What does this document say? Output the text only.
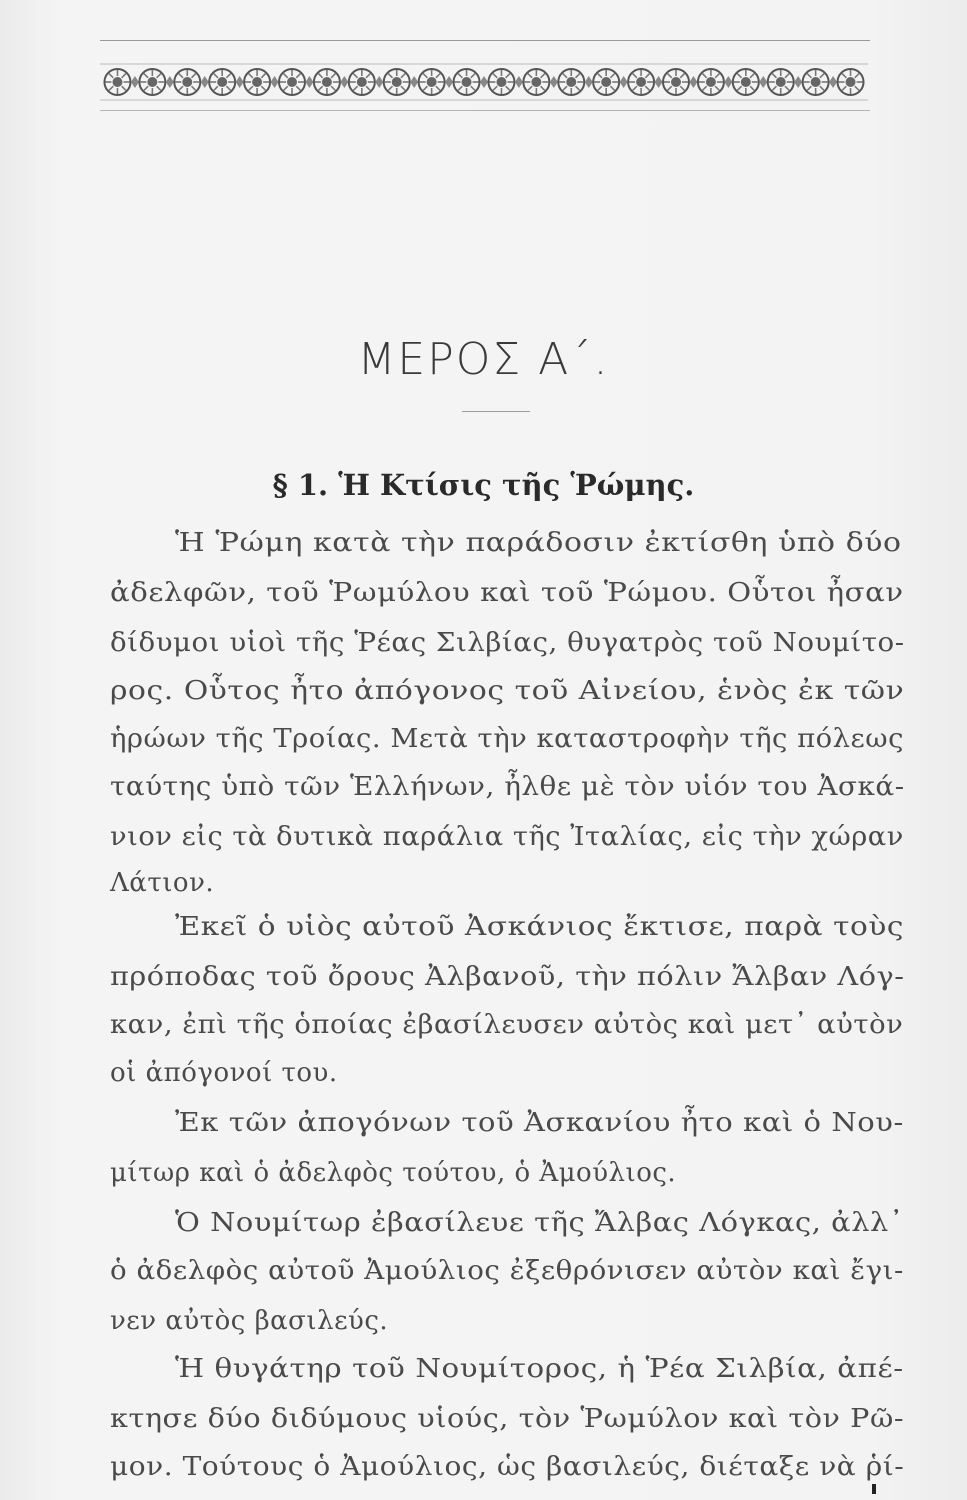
ΜΕΡΟΣ Α΄.
§ 1. Ἡ Κτίσις τῆς Ῥώμης.
Ἡ Ῥώμη κατὰ τὴν παράδοσιν ἐκτίσθη ὑπὸ δύο
ἀδελφῶν, τοῦ Ῥωμύλου καὶ τοῦ Ῥώμου. Οὗτοι ἦσαν
δίδυμοι υἱοὶ τῆς Ῥέας Σιλβίας, θυγατρὸς τοῦ Νουμίτο-
ρος. Οὗτος ἦτο ἀπόγονος τοῦ Αἰνείου, ἑνὸς ἐκ τῶν
ἡρώων τῆς Τροίας. Μετὰ τὴν καταστροφὴν τῆς πόλεως
ταύτης ὑπὸ τῶν Ἑλλήνων, ἦλθε μὲ τὸν υἱόν του Ἀσκά-
νιον εἰς τὰ δυτικὰ παράλια τῆς Ἰταλίας, εἰς τὴν χώραν
Λάτιον.
Ἐκεῖ ὁ υἱὸς αὐτοῦ Ἀσκάνιος ἔκτισε, παρὰ τοὺς
πρόποδας τοῦ ὄρους Ἀλβανοῦ, τὴν πόλιν Ἄλβαν Λόγ-
καν, ἐπὶ τῆς ὁποίας ἐβασίλευσεν αὐτὸς καὶ μετ᾽ αὐτὸν
οἱ ἀπόγονοί του.
Ἐκ τῶν ἀπογόνων τοῦ Ἀσκανίου ἦτο καὶ ὁ Νου-
μίτωρ καὶ ὁ ἀδελφὸς τούτου, ὁ Ἀμούλιος.
Ὁ Νουμίτωρ ἐβασίλευε τῆς Ἄλβας Λόγκας, ἀλλ᾽
ὁ ἀδελφὸς αὐτοῦ Ἀμούλιος ἐξεθρόνισεν αὐτὸν καὶ ἔγι-
νεν αὐτὸς βασιλεύς.
Ἡ θυγάτηρ τοῦ Νουμίτορος, ἡ Ῥέα Σιλβία, ἀπέ-
κτησε δύο διδύμους υἱούς, τὸν Ῥωμύλον καὶ τὸν Ρῶ-
μον. Τούτους ὁ Ἀμούλιος, ὡς βασιλεύς, διέταξε νὰ ῥί-
